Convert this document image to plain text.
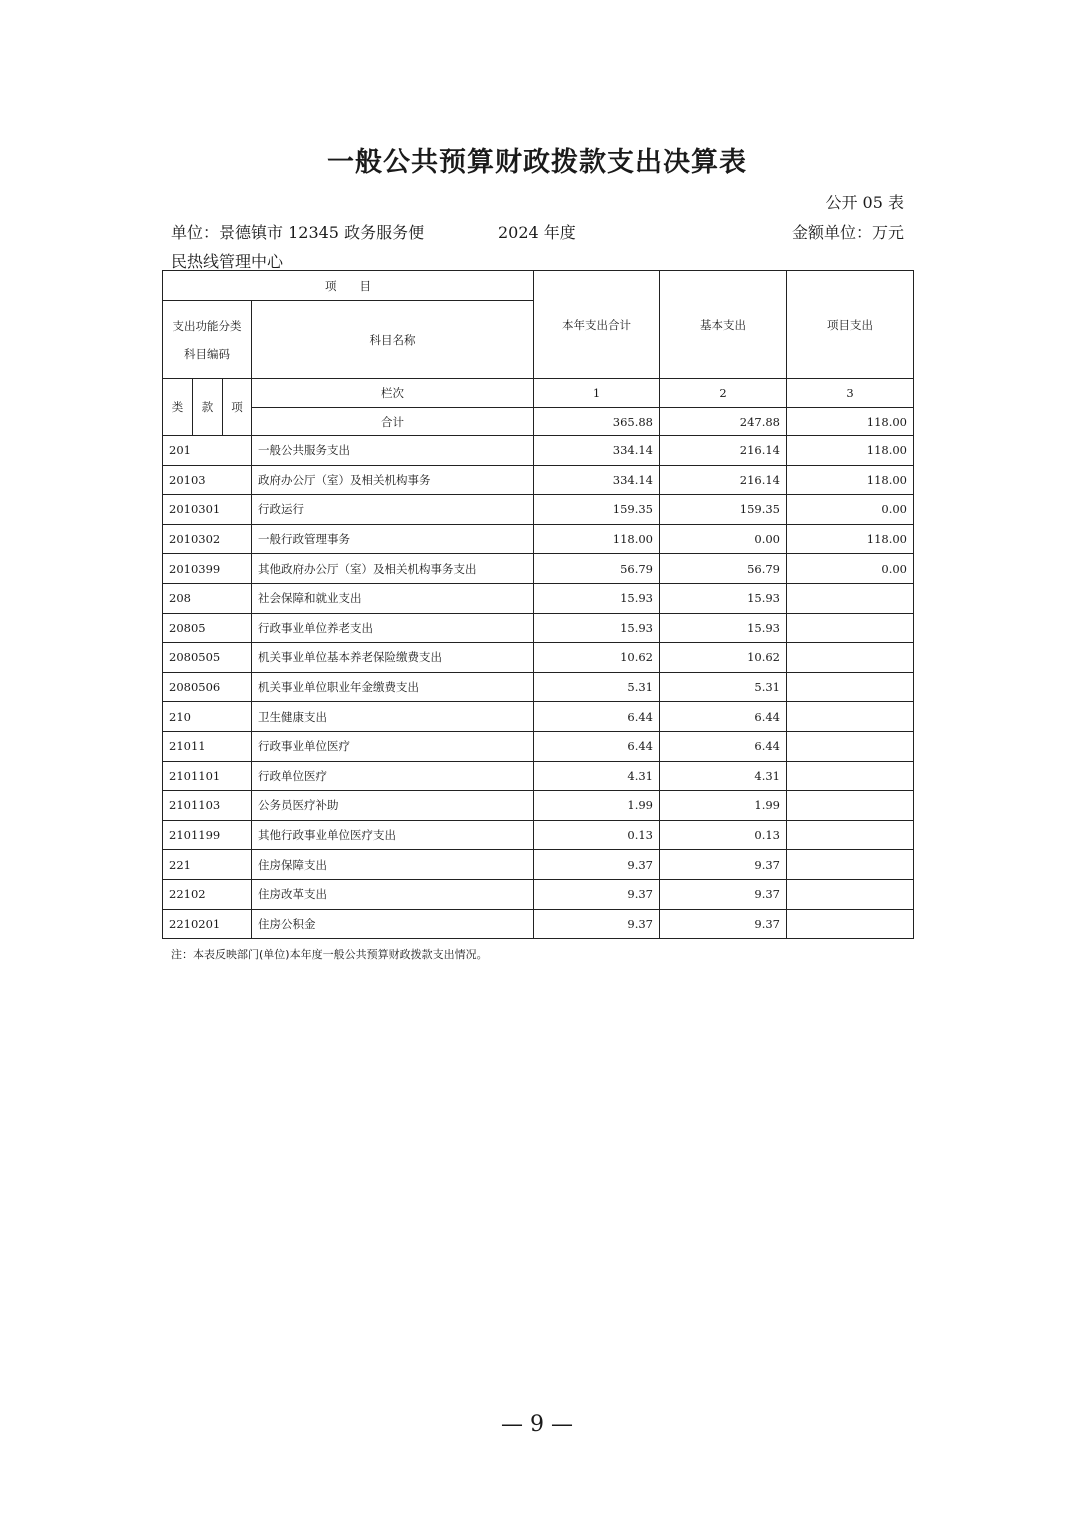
一般公共预算财政拨款支出决算表
公开 05 表
单位：景德镇市 12345 政务服务便
民热线管理中心
2024 年度	金额单位：万元
项　　目				本年支出合计	基本支出	项目支出

支出功能分类
科目编码			科目名称			
类	款	项	栏次	1	2	3
			合计	365.88	247.88	118.00
201			一般公共服务支出	334.14	216.14	118.00
20103			政府办公厅（室）及相关机构事务	334.14	216.14	118.00
2010301			行政运行	159.35	159.35	0.00
2010302			一般行政管理事务	118.00	0.00	118.00
2010399			其他政府办公厅（室）及相关机构事务支出	56.79	56.79	0.00
208			社会保障和就业支出	15.93	15.93	
20805			行政事业单位养老支出	15.93	15.93	
2080505			机关事业单位基本养老保险缴费支出	10.62	10.62	
2080506			机关事业单位职业年金缴费支出	5.31	5.31	
210			卫生健康支出	6.44	6.44	
21011			行政事业单位医疗	6.44	6.44	
2101101			行政单位医疗	4.31	4.31	
2101103			公务员医疗补助	1.99	1.99	
2101199			其他行政事业单位医疗支出	0.13	0.13	
221			住房保障支出	9.37	9.37	
22102			住房改革支出	9.37	9.37	
2210201			住房公积金	9.37	9.37	
注：本表反映部门(单位)本年度一般公共预算财政拨款支出情况。
— 9 —
